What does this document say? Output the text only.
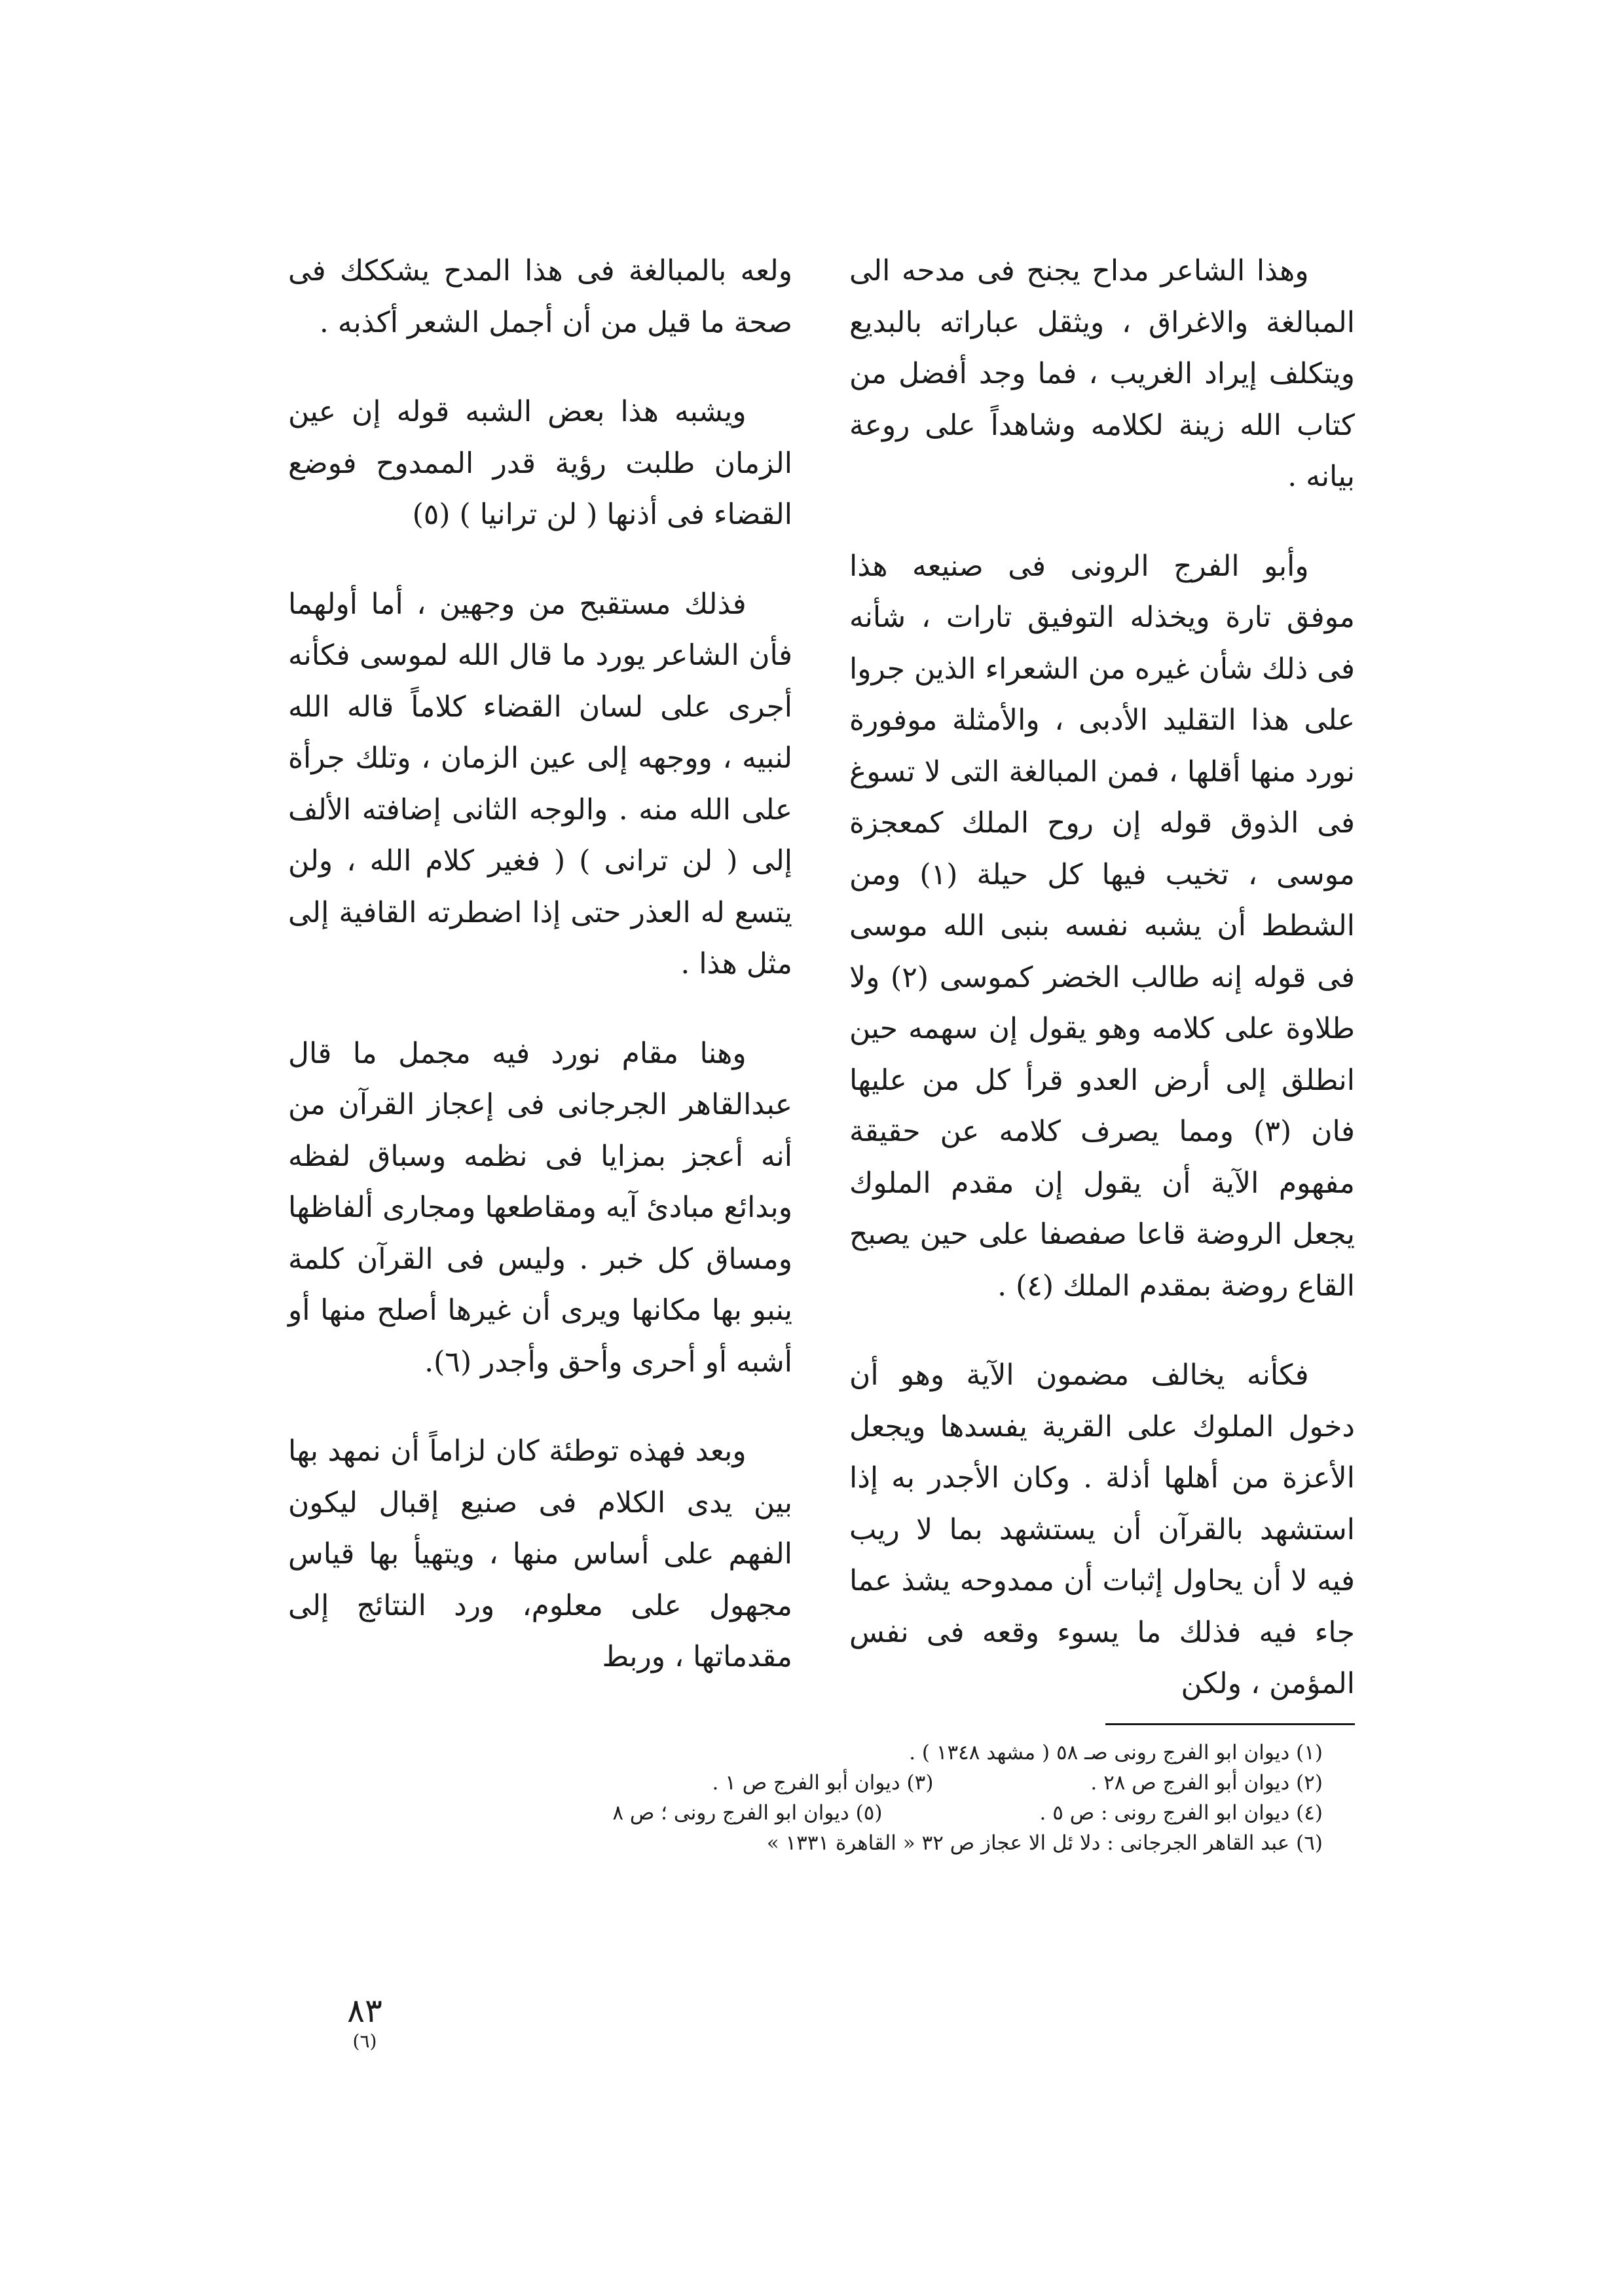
وهذا الشاعر مداح يجنح فى مدحه الى المبالغة والاغراق ، ويثقل عباراته بالبديع ويتكلف إيراد الغريب ، فما وجد أفضل من كتاب الله زينة لكلامه وشاهداً على روعة بيانه .

وأبو الفرج الرونى فى صنيعه هذا موفق تارة ويخذله التوفيق تارات ، شأنه فى ذلك شأن غيره من الشعراء الذين جروا على هذا التقليد الأدبى ، والأمثلة موفورة نورد منها أقلها ، فمن المبالغة التى لا تسوغ فى الذوق قوله إن روح الملك كمعجزة موسى ، تخيب فيها كل حيلة (١) ومن الشطط أن يشبه نفسه بنبى الله موسى فى قوله إنه طالب الخضر كموسى (٢) ولا طلاوة على كلامه وهو يقول إن سهمه حين انطلق إلى أرض العدو قرأ كل من عليها فان (٣) ومما يصرف كلامه عن حقيقة مفهوم الآية أن يقول إن مقدم الملوك يجعل الروضة قاعا صفصفا على حين يصبح القاع روضة بمقدم الملك (٤) .

فكأنه يخالف مضمون الآية وهو أن دخول الملوك على القرية يفسدها ويجعل الأعزة من أهلها أذلة . وكان الأجدر به إذا استشهد بالقرآن أن يستشهد بما لا ريب فيه لا أن يحاول إثبات أن ممدوحه يشذ عما جاء فيه فذلك ما يسوء وقعه فى نفس المؤمن ، ولكن

ولعه بالمبالغة فى هذا المدح يشككك فى صحة ما قيل من أن أجمل الشعر أكذبه .

ويشبه هذا بعض الشبه قوله إن عين الزمان طلبت رؤية قدر الممدوح فوضع القضاء فى أذنها ( لن ترانيا ) (٥)

فذلك مستقبح من وجهين ، أما أولهما فأن الشاعر يورد ما قال الله لموسى فكأنه أجرى على لسان القضاء كلاماً قاله الله لنبيه ، ووجهه إلى عين الزمان ، وتلك جرأة على الله منه . والوجه الثانى إضافته الألف إلى ( لن ترانى ) ( فغير كلام الله ، ولن يتسع له العذر حتى إذا اضطرته القافية إلى مثل هذا .

وهنا مقام نورد فيه مجمل ما قال عبدالقاهر الجرجانى فى إعجاز القرآن من أنه أعجز بمزايا فى نظمه وسباق لفظه وبدائع مبادئ آيه ومقاطعها ومجارى ألفاظها ومساق كل خبر . وليس فى القرآن كلمة ينبو بها مكانها ويرى أن غيرها أصلح منها أو أشبه أو أحرى وأحق وأجدر (٦).

وبعد فهذه توطئة كان لزاماً أن نمهد بها بين يدى الكلام فى صنيع إقبال ليكون الفهم على أساس منها ، ويتهيأ بها قياس مجهول على معلوم، ورد النتائج إلى مقدماتها ، وربط

(١) ديوان ابو الفرج رونى صـ ٥٨ ( مشهد ١٣٤٨ ) .
(٢) ديوان أبو الفرج ص ٢٨ .
(٣) ديوان أبو الفرج ص ١ .
(٤) ديوان ابو الفرج رونى : ص ٥ .
(٥) ديوان ابو الفرج رونى ؛ ص ٨
(٦) عبد القاهر الجرجانى : دلا ئل الا عجاز ص ٣٢ « القاهرة ١٣٣١ »
٨٣
(٦)
